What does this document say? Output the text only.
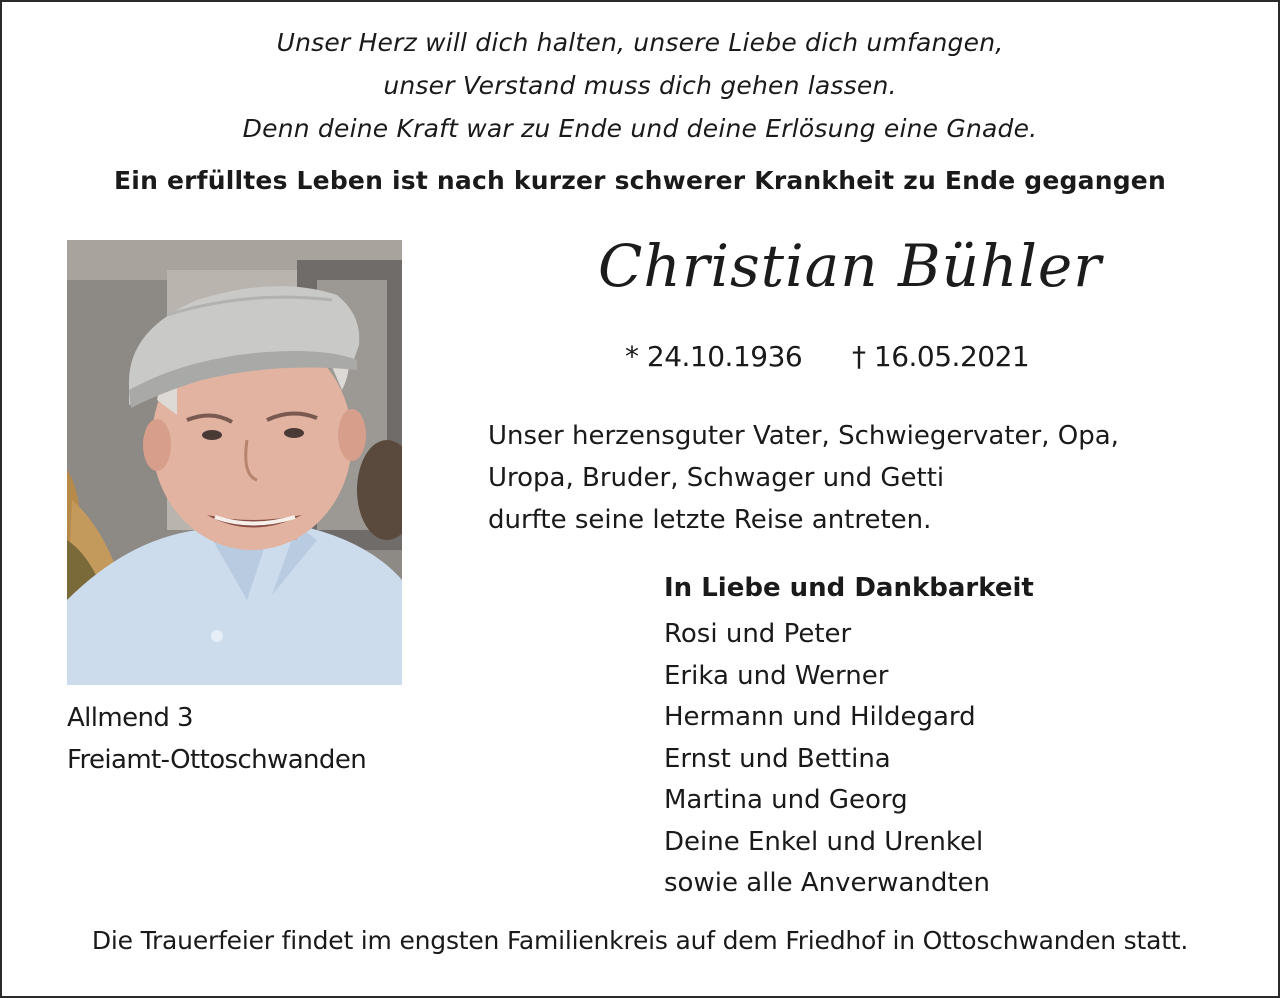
Unser Herz will dich halten, unsere Liebe dich umfangen,
unser Verstand muss dich gehen lassen.
Denn deine Kraft war zu Ende und deine Erlösung eine Gnade.
Ein erfülltes Leben ist nach kurzer schwerer Krankheit zu Ende gegangen
Christian Bühler
* 24.10.1936 † 16.05.2021
Unser herzensguter Vater, Schwiegervater, Opa,
Uropa, Bruder, Schwager und Getti
durfte seine letzte Reise antreten.
In Liebe und Dankbarkeit
Rosi und Peter
Erika und Werner
Hermann und Hildegard
Ernst und Bettina
Martina und Georg
Deine Enkel und Urenkel
sowie alle Anverwandten
Allmend 3
Freiamt-Ottoschwanden
Die Trauerfeier findet im engsten Familienkreis auf dem Friedhof in Ottoschwanden statt.
